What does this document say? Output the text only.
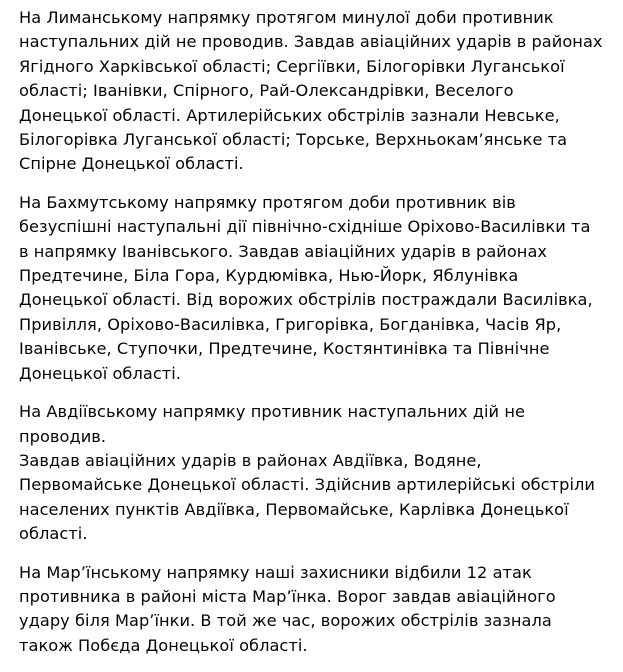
На Лиманському напрямку протягом минулої доби противник
наступальних дій не проводив. Завдав авіаційних ударів в районах
Ягідного Харківської області; Сергіївки, Білогорівки Луганської
області; Іванівки, Спірного, Рай-Олександрівки, Веселого
Донецької області. Артилерійських обстрілів зазнали Невське,
Білогорівка Луганської області; Торське, Верхньокам’янське та
Спірне Донецької області.
На Бахмутському напрямку протягом доби противник вів
безуспішні наступальні дії північно-східніше Оріхово-Василівки та
в напрямку Іванівського. Завдав авіаційних ударів в районах
Предтечине, Біла Гора, Курдюмівка, Нью-Йорк, Яблунівка
Донецької області. Від ворожих обстрілів постраждали Василівка,
Привілля, Оріхово-Василівка, Григорівка, Богданівка, Часів Яр,
Іванівське, Ступочки, Предтечине, Костянтинівка та Північне
Донецької області.
На Авдіївському напрямку противник наступальних дій не
проводив.
Завдав авіаційних ударів в районах Авдіївка, Водяне,
Первомайське Донецької області. Здійснив артилерійські обстріли
населених пунктів Авдіївка, Первомайське, Карлівка Донецької
області.
На Мар’їнському напрямку наші захисники відбили 12 атак
противника в районі міста Мар’їнка. Ворог завдав авіаційного
удару біля Мар’їнки. В той же час, ворожих обстрілів зазнала
також Побєда Донецької області.
